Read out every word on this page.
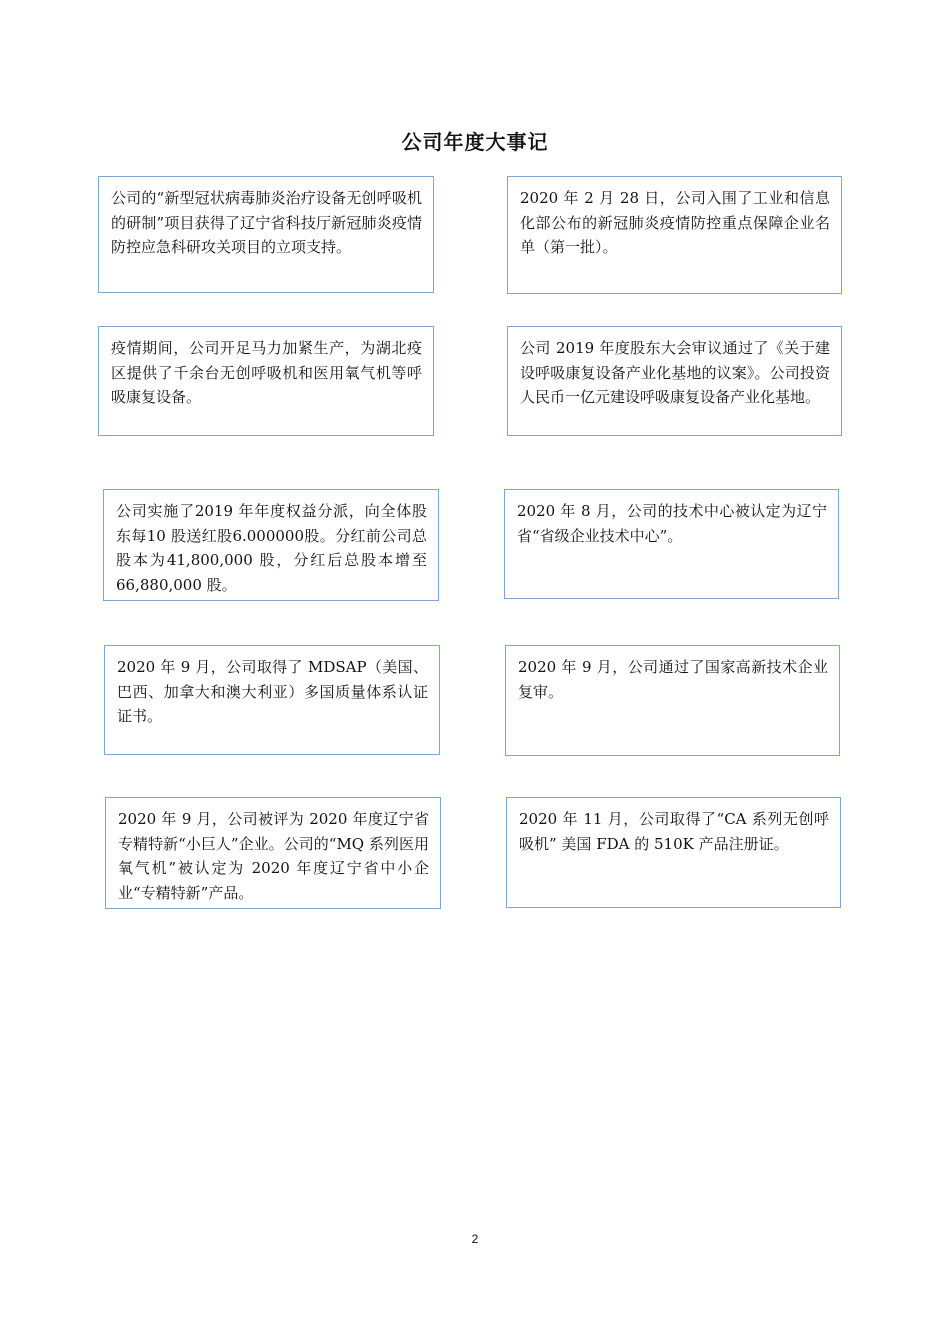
公司年度大事记
公司的“新型冠状病毒肺炎治疗设备无创呼吸机的研制”项目获得了辽宁省科技厅新冠肺炎疫情防控应急科研攻关项目的立项支持。
2020 年 2 月 28 日，公司入围了工业和信息化部公布的新冠肺炎疫情防控重点保障企业名单（第一批）。
疫情期间，公司开足马力加紧生产，为湖北疫区提供了千余台无创呼吸机和医用氧气机等呼吸康复设备。
公司 2019 年度股东大会审议通过了《关于建设呼吸康复设备产业化基地的议案》。公司投资人民币一亿元建设呼吸康复设备产业化基地。
公司实施了2019 年年度权益分派，向全体股东每10 股送红股6.000000股。分红前公司总股本为41,800,000 股，分红后总股本增至66,880,000 股。
2020 年 8 月，公司的技术中心被认定为辽宁省“省级企业技术中心”。
2020 年 9 月，公司取得了 MDSAP（美国、巴西、加拿大和澳大利亚）多国质量体系认证证书。
2020 年 9 月，公司通过了国家高新技术企业复审。
2020 年 9 月，公司被评为 2020 年度辽宁省专精特新“小巨人”企业。公司的“MQ 系列医用氧气机”被认定为 2020 年度辽宁省中小企业“专精特新”产品。
2020 年 11 月，公司取得了“CA 系列无创呼吸机” 美国 FDA 的 510K 产品注册证。
2
